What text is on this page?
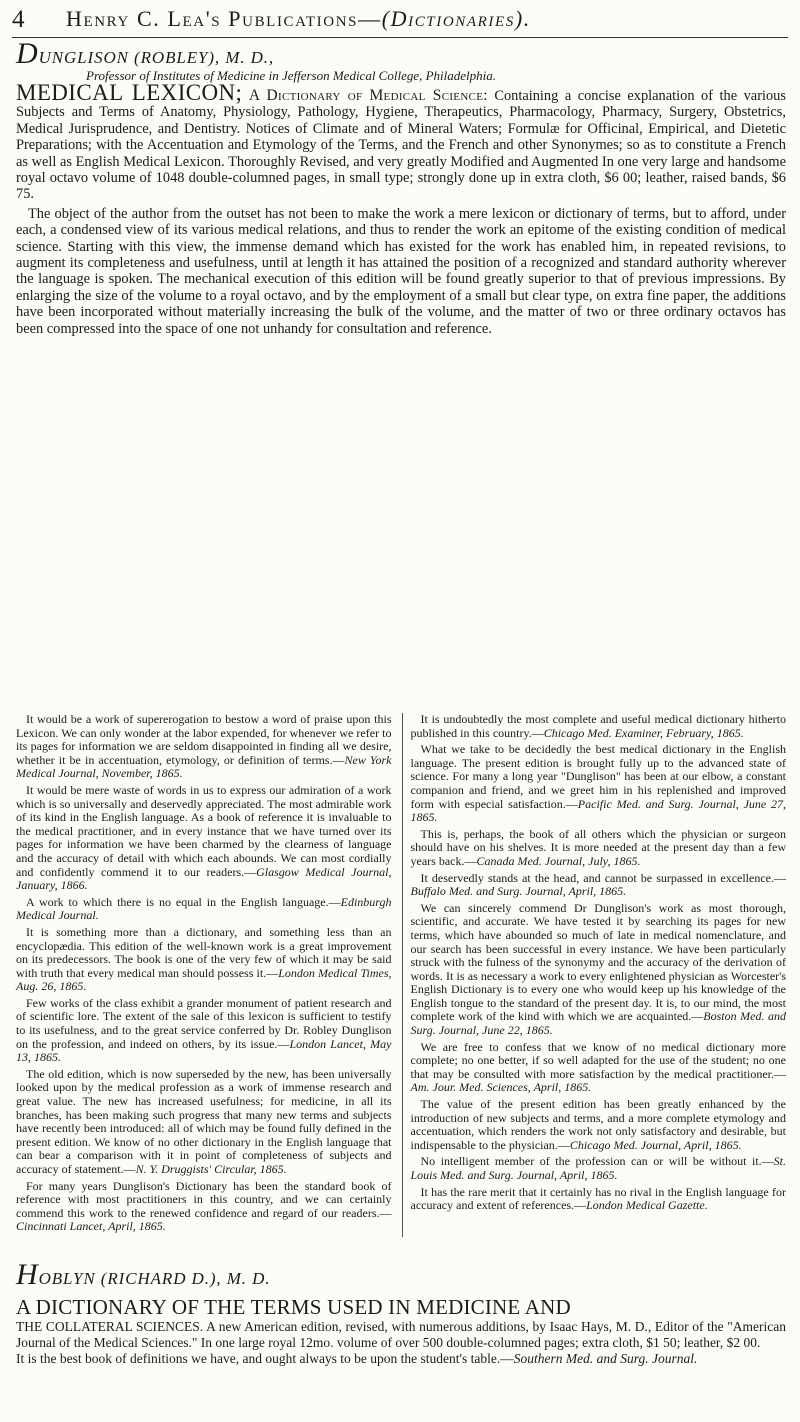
4 Henry C. Lea's Publications—(Dictionaries).

DUNGLISON (ROBLEY), M. D.,

Professor of Institutes of Medicine in Jefferson Medical College, Philadelphia.

MEDICAL LEXICON; A Dictionary of Medical Science: Containing a concise explanation of the various Subjects and Terms of Anatomy, Physiology, Pathology, Hygiene, Therapeutics, Pharmacology, Pharmacy, Surgery, Obstetrics, Medical Jurisprudence, and Dentistry. Notices of Climate and of Mineral Waters; Formulæ for Officinal, Empirical, and Dietetic Preparations; with the Accentuation and Etymology of the Terms, and the French and other Synonymes; so as to constitute a French as well as English Medical Lexicon. Thoroughly Revised, and very greatly Modified and Augmented In one very large and handsome royal octavo volume of 1048 double-columned pages, in small type; strongly done up in extra cloth, $6 00; leather, raised bands, $6 75.

The object of the author from the outset has not been to make the work a mere lexicon or dictionary of terms, but to afford, under each, a condensed view of its various medical relations, and thus to render the work an epitome of the existing condition of medical science. Starting with this view, the immense demand which has existed for the work has enabled him, in repeated revisions, to augment its completeness and usefulness, until at length it has attained the position of a recognized and standard authority wherever the language is spoken. The mechanical execution of this edition will be found greatly superior to that of previous impressions. By enlarging the size of the volume to a royal octavo, and by the employment of a small but clear type, on extra fine paper, the additions have been incorporated without materially increasing the bulk of the volume, and the matter of two or three ordinary octavos has been compressed into the space of one not unhandy for consultation and reference.

It would be a work of supererogation to bestow a word of praise upon this Lexicon. We can only wonder at the labor expended, for whenever we refer to its pages for information we are seldom disappointed in finding all we desire, whether it be in accentuation, etymology, or definition of terms.—New York Medical Journal, November, 1865.

It would be mere waste of words in us to express our admiration of a work which is so universally and deservedly appreciated. The most admirable work of its kind in the English language. As a book of reference it is invaluable to the medical practitioner, and in every instance that we have turned over its pages for information we have been charmed by the clearness of language and the accuracy of detail with which each abounds. We can most cordially and confidently commend it to our readers.—Glasgow Medical Journal, January, 1866.

A work to which there is no equal in the English language.—Edinburgh Medical Journal.

It is something more than a dictionary, and something less than an encyclopædia. This edition of the well-known work is a great improvement on its predecessors. The book is one of the very few of which it may be said with truth that every medical man should possess it.—London Medical Times, Aug. 26, 1865.

Few works of the class exhibit a grander monument of patient research and of scientific lore. The extent of the sale of this lexicon is sufficient to testify to its usefulness, and to the great service conferred by Dr. Robley Dunglison on the profession, and indeed on others, by its issue.—London Lancet, May 13, 1865.

The old edition, which is now superseded by the new, has been universally looked upon by the medical profession as a work of immense research and great value. The new has increased usefulness; for medicine, in all its branches, has been making such progress that many new terms and subjects have recently been introduced: all of which may be found fully defined in the present edition. We know of no other dictionary in the English language that can bear a comparison with it in point of completeness of subjects and accuracy of statement.—N. Y. Druggists' Circular, 1865.

For many years Dunglison's Dictionary has been the standard book of reference with most practitioners in this country, and we can certainly commend this work to the renewed confidence and regard of our readers.—Cincinnati Lancet, April, 1865.

It is undoubtedly the most complete and useful medical dictionary hitherto published in this country.—Chicago Med. Examiner, February, 1865.

What we take to be decidedly the best medical dictionary in the English language. The present edition is brought fully up to the advanced state of science. For many a long year "Dunglison" has been at our elbow, a constant companion and friend, and we greet him in his replenished and improved form with especial satisfaction.—Pacific Med. and Surg. Journal, June 27, 1865.

This is, perhaps, the book of all others which the physician or surgeon should have on his shelves. It is more needed at the present day than a few years back.—Canada Med. Journal, July, 1865.

It deservedly stands at the head, and cannot be surpassed in excellence.—Buffalo Med. and Surg. Journal, April, 1865.

We can sincerely commend Dr Dunglison's work as most thorough, scientific, and accurate. We have tested it by searching its pages for new terms, which have abounded so much of late in medical nomenclature, and our search has been successful in every instance. We have been particularly struck with the fulness of the synonymy and the accuracy of the derivation of words. It is as necessary a work to every enlightened physician as Worcester's English Dictionary is to every one who would keep up his knowledge of the English tongue to the standard of the present day. It is, to our mind, the most complete work of the kind with which we are acquainted.—Boston Med. and Surg. Journal, June 22, 1865.

We are free to confess that we know of no medical dictionary more complete; no one better, if so well adapted for the use of the student; no one that may be consulted with more satisfaction by the medical practitioner.—Am. Jour. Med. Sciences, April, 1865.

The value of the present edition has been greatly enhanced by the introduction of new subjects and terms, and a more complete etymology and accentuation, which renders the work not only satisfactory and desirable, but indispensable to the physician.—Chicago Med. Journal, April, 1865.

No intelligent member of the profession can or will be without it.—St. Louis Med. and Surg. Journal, April, 1865.

It has the rare merit that it certainly has no rival in the English language for accuracy and extent of references.—London Medical Gazette.

HOBLYN (RICHARD D.), M. D.

A DICTIONARY OF THE TERMS USED IN MEDICINE AND

THE COLLATERAL SCIENCES. A new American edition, revised, with numerous additions, by Isaac Hays, M. D., Editor of the "American Journal of the Medical Sciences." In one large royal 12mo. volume of over 500 double-columned pages; extra cloth, $1 50; leather, $2 00.

It is the best book of definitions we have, and ought always to be upon the student's table.—Southern Med. and Surg. Journal.
